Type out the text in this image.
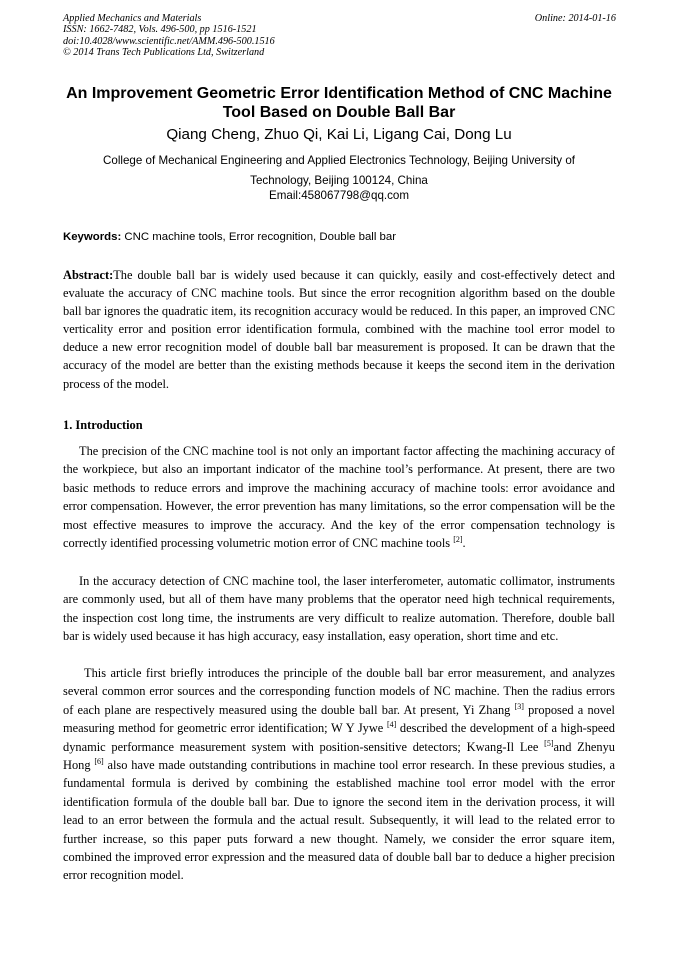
Applied Mechanics and Materials
ISSN: 1662-7482, Vols. 496-500, pp 1516-1521
doi:10.4028/www.scientific.net/AMM.496-500.1516
© 2014 Trans Tech Publications Ltd, Switzerland
Online: 2014-01-16
An Improvement Geometric Error Identification Method of CNC Machine
Tool Based on Double Ball Bar
Qiang Cheng, Zhuo Qi, Kai Li, Ligang Cai, Dong Lu
College of Mechanical Engineering and Applied Electronics Technology, Beijing University of
Technology, Beijing 100124, China
Email:458067798@qq.com
Keywords: CNC machine tools, Error recognition, Double ball bar

Abstract:The double ball bar is widely used because it can quickly, easily and cost-effectively detect and evaluate the accuracy of CNC machine tools. But since the error recognition algorithm based on the double ball bar ignores the quadratic item, its recognition accuracy would be reduced. In this paper, an improved CNC verticality error and position error identification formula, combined with the machine tool error model to deduce a new error recognition model of double ball bar measurement is proposed. It can be drawn that the accuracy of the model are better than the existing methods because it keeps the second item in the derivation process of the model.

1. Introduction

The precision of the CNC machine tool is not only an important factor affecting the machining accuracy of the workpiece, but also an important indicator of the machine tool’s performance. At present, there are two basic methods to reduce errors and improve the machining accuracy of machine tools: error avoidance and error compensation. However, the error prevention has many limitations, so the error compensation will be the most effective measures to improve the accuracy. And the key of the error compensation technology is correctly identified processing volumetric motion error of CNC machine tools [2].

In the accuracy detection of CNC machine tool, the laser interferometer, automatic collimator, instruments are commonly used, but all of them have many problems that the operator need high technical requirements, the inspection cost long time, the instruments are very difficult to realize automation. Therefore, double ball bar is widely used because it has high accuracy, easy installation, easy operation, short time and etc.

This article first briefly introduces the principle of the double ball bar error measurement, and analyzes several common error sources and the corresponding function models of NC machine. Then the radius errors of each plane are respectively measured using the double ball bar. At present, Yi Zhang [3] proposed a novel measuring method for geometric error identification; W Y Jywe [4] described the development of a high-speed dynamic performance measurement system with position-sensitive detectors; Kwang-Il Lee [5]and Zhenyu Hong [6] also have made outstanding contributions in machine tool error research. In these previous studies, a fundamental formula is derived by combining the established machine tool error model with the error identification formula of the double ball bar. Due to ignore the second item in the derivation process, it will lead to an error between the formula and the actual result. Subsequently, it will lead to the related error to further increase, so this paper puts forward a new thought. Namely, we consider the error square item, combined the improved error expression and the measured data of double ball bar to deduce a higher precision error recognition model.
